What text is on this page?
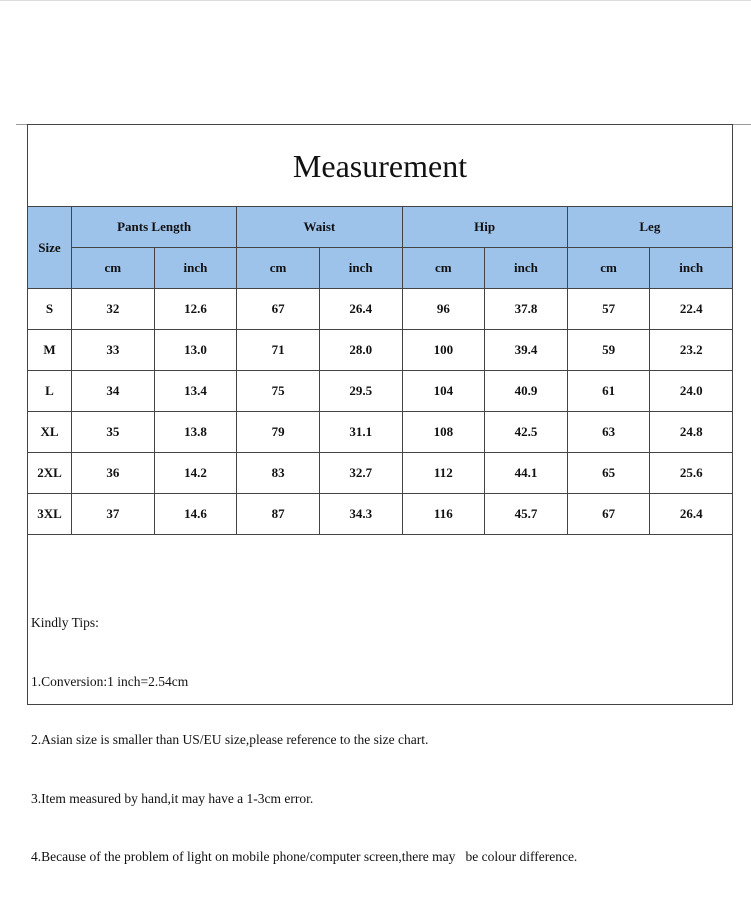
Measurement
Size	Pants Length		Waist		Hip		Leg	
	cm	inch	cm	inch	cm	inch	cm	inch
S	32	12.6	67	26.4	96	37.8	57	22.4
M	33	13.0	71	28.0	100	39.4	59	23.2
L	34	13.4	75	29.5	104	40.9	61	24.0
XL	35	13.8	79	31.1	108	42.5	63	24.8
2XL	36	14.2	83	32.7	112	44.1	65	25.6
3XL	37	14.6	87	34.3	116	45.7	67	26.4

Kindly Tips:

1.Conversion:1 inch=2.54cm

2.Asian size is smaller than US/EU size,please reference to the size chart.

3.Item measured by hand,it may have a 1-3cm error.

4.Because of the problem of light on mobile phone/computer screen,there may   be colour difference.
